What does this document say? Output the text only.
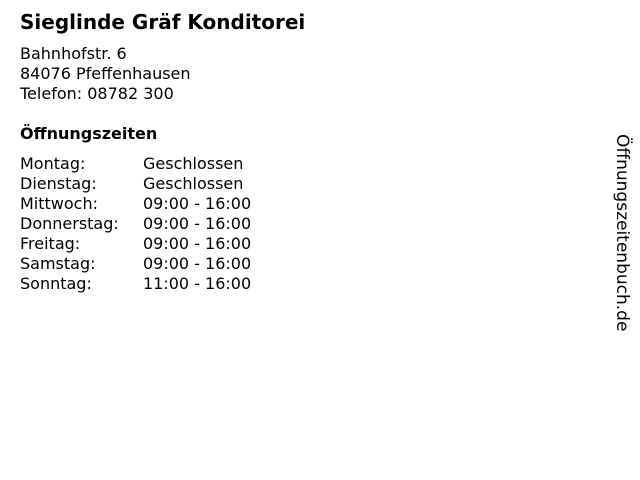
Sieglinde Gräf Konditorei
Bahnhofstr. 6
84076 Pfeffenhausen
Telefon: 08782 300
Öffnungszeiten
Montag:	Geschlossen
Dienstag:	Geschlossen
Mittwoch:	09:00 - 16:00
Donnerstag: 09:00 - 16:00
Freitag:	09:00 - 16:00
Samstag:	09:00 - 16:00
Sonntag:	11:00 - 16:00	Öffnungszeitenbuch.de
